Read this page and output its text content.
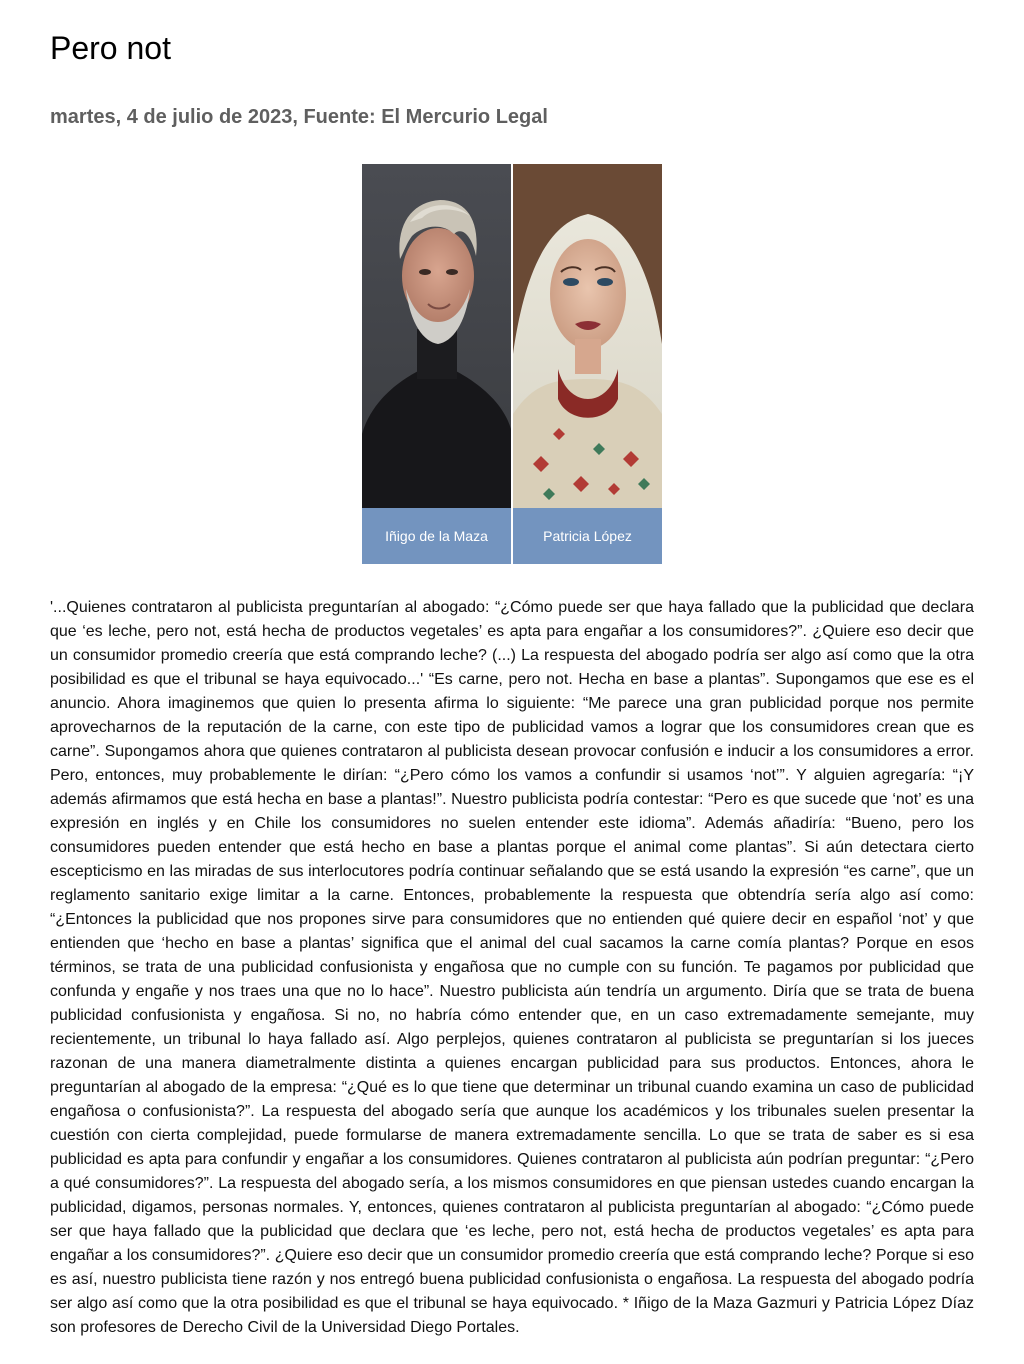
Pero not
martes, 4 de julio de 2023, Fuente: El Mercurio Legal
Iñigo de la Maza	Patricia López

'...Quienes contrataron al publicista preguntarían al abogado: “¿Cómo puede ser que haya fallado que la publicidad que declara que ‘es leche, pero not, está hecha de productos vegetales’ es apta para engañar a los consumidores?”. ¿Quiere eso decir que un consumidor promedio creería que está comprando leche? (...) La respuesta del abogado podría ser algo así como que la otra posibilidad es que el tribunal se haya equivocado...' “Es carne, pero not. Hecha en base a plantas”. Supongamos que ese es el anuncio. Ahora imaginemos que quien lo presenta afirma lo siguiente: “Me parece una gran publicidad porque nos permite aprovecharnos de la reputación de la carne, con este tipo de publicidad vamos a lograr que los consumidores crean que es carne”. Supongamos ahora que quienes contrataron al publicista desean provocar confusión e inducir a los consumidores a error. Pero, entonces, muy probablemente le dirían: “¿Pero cómo los vamos a confundir si usamos ‘not’”. Y alguien agregaría: “¡Y además afirmamos que está hecha en base a plantas!”. Nuestro publicista podría contestar: “Pero es que sucede que ‘not’ es una expresión en inglés y en Chile los consumidores no suelen entender este idioma”. Además añadiría: “Bueno, pero los consumidores pueden entender que está hecho en base a plantas porque el animal come plantas”. Si aún detectara cierto escepticismo en las miradas de sus interlocutores podría continuar señalando que se está usando la expresión “es carne”, que un reglamento sanitario exige limitar a la carne. Entonces, probablemente la respuesta que obtendría sería algo así como: “¿Entonces la publicidad que nos propones sirve para consumidores que no entienden qué quiere decir en español ‘not’ y que entienden que ‘hecho en base a plantas’ significa que el animal del cual sacamos la carne comía plantas? Porque en esos términos, se trata de una publicidad confusionista y engañosa que no cumple con su función. Te pagamos por publicidad que confunda y engañe y nos traes una que no lo hace”. Nuestro publicista aún tendría un argumento. Diría que se trata de buena publicidad confusionista y engañosa. Si no, no habría cómo entender que, en un caso extremadamente semejante, muy recientemente, un tribunal lo haya fallado así. Algo perplejos, quienes contrataron al publicista se preguntarían si los jueces razonan de una manera diametralmente distinta a quienes encargan publicidad para sus productos. Entonces, ahora le preguntarían al abogado de la empresa: “¿Qué es lo que tiene que determinar un tribunal cuando examina un caso de publicidad engañosa o confusionista?”. La respuesta del abogado sería que aunque los académicos y los tribunales suelen presentar la cuestión con cierta complejidad, puede formularse de manera extremadamente sencilla. Lo que se trata de saber es si esa publicidad es apta para confundir y engañar a los consumidores. Quienes contrataron al publicista aún podrían preguntar: “¿Pero a qué consumidores?”. La respuesta del abogado sería, a los mismos consumidores en que piensan ustedes cuando encargan la publicidad, digamos, personas normales. Y, entonces, quienes contrataron al publicista preguntarían al abogado: “¿Cómo puede ser que haya fallado que la publicidad que declara que ‘es leche, pero not, está hecha de productos vegetales’ es apta para engañar a los consumidores?”. ¿Quiere eso decir que un consumidor promedio creería que está comprando leche? Porque si eso es así, nuestro publicista tiene razón y nos entregó buena publicidad confusionista o engañosa. La respuesta del abogado podría ser algo así como que la otra posibilidad es que el tribunal se haya equivocado. * Iñigo de la Maza Gazmuri y Patricia López Díaz son profesores de Derecho Civil de la Universidad Diego Portales.
